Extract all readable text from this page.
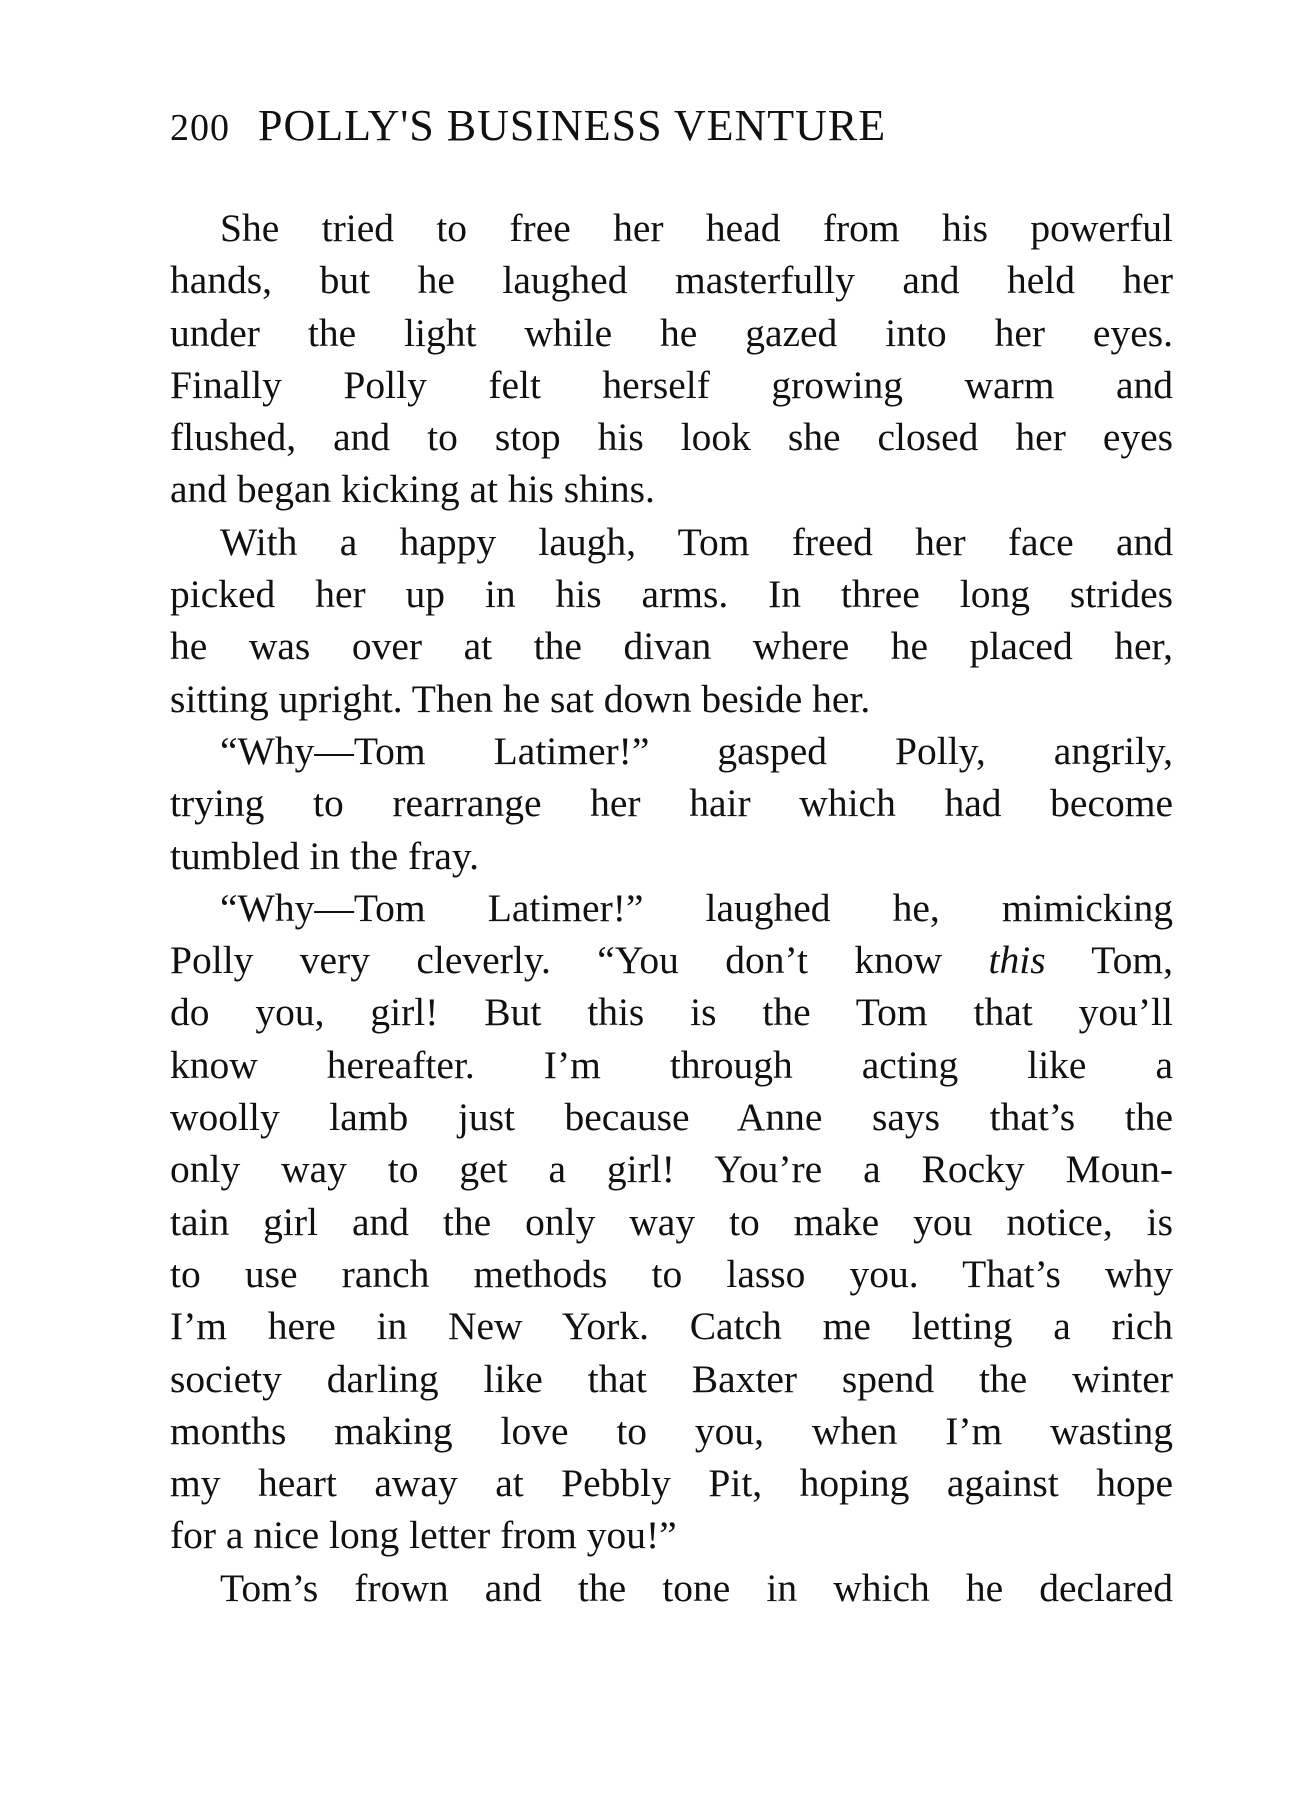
200 POLLY'S BUSINESS VENTURE
She tried to free her head from his powerful
hands, but he laughed masterfully and held her
under the light while he gazed into her eyes.
Finally Polly felt herself growing warm and
flushed, and to stop his look she closed her eyes
and began kicking at his shins.
With a happy laugh, Tom freed her face and
picked her up in his arms. In three long strides
he was over at the divan where he placed her,
sitting upright. Then he sat down beside her.
“Why—Tom Latimer!” gasped Polly, angrily,
trying to rearrange her hair which had become
tumbled in the fray.
“Why—Tom Latimer!” laughed he, mimicking
Polly very cleverly. “You don’t know this Tom,
do you, girl! But this is the Tom that you’ll
know hereafter. I’m through acting like a
woolly lamb just because Anne says that’s the
only way to get a girl! You’re a Rocky Moun-
tain girl and the only way to make you notice, is
to use ranch methods to lasso you. That’s why
I’m here in New York. Catch me letting a rich
society darling like that Baxter spend the winter
months making love to you, when I’m wasting
my heart away at Pebbly Pit, hoping against hope
for a nice long letter from you!”
Tom’s frown and the tone in which he declared
